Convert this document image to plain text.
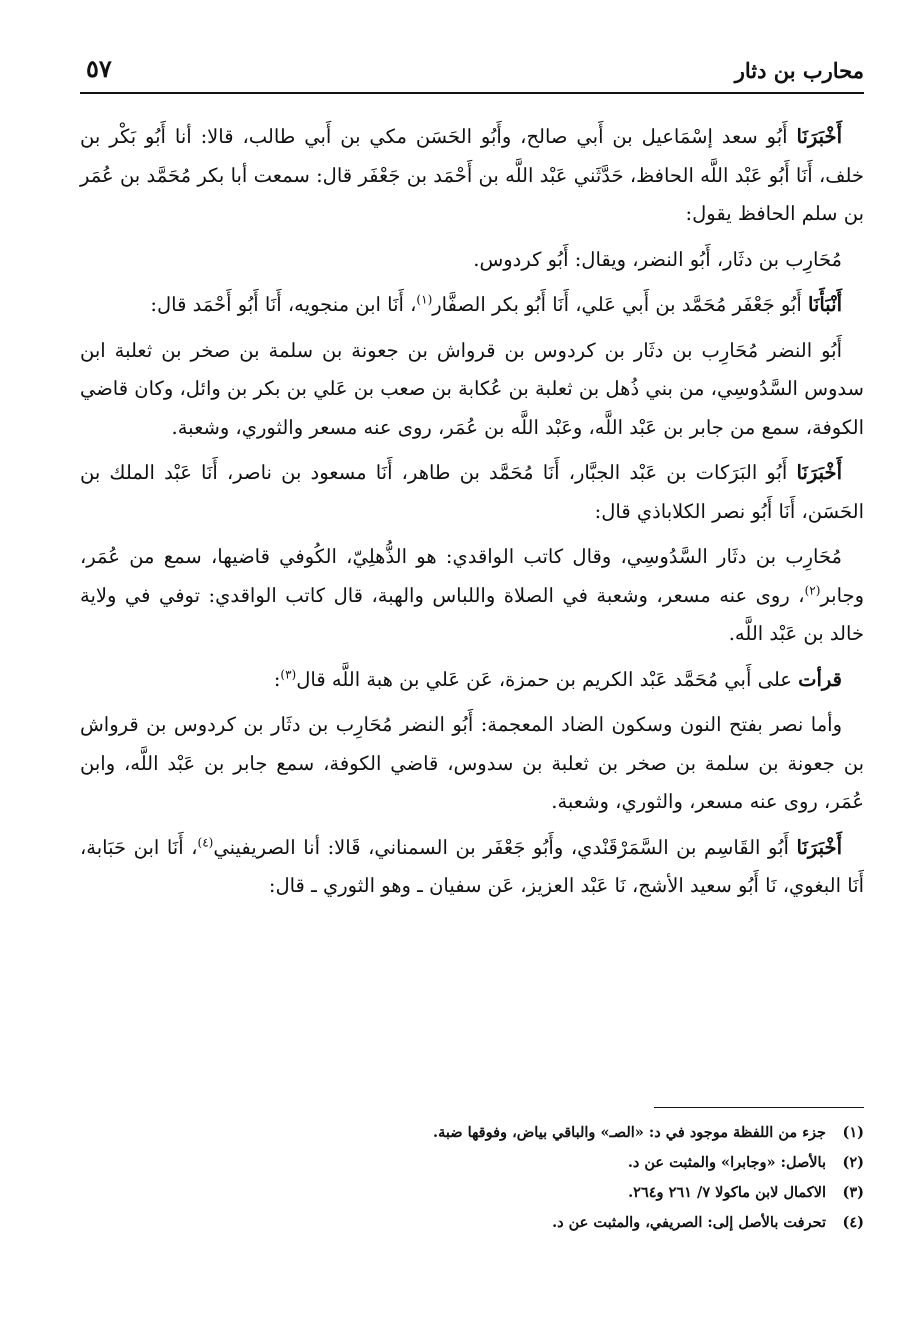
محارب بن دثار
٥٧

أَخْبَرَنَا أَبُو سعد إسْمَاعيل بن أَبي صالح، وأَبُو الحَسَن مكي بن أَبي طالب، قالا: أنا أَبُو بَكْر بن خلف، أَنَا أَبُو عَبْد اللَّه الحافظ، حَدَّثَني عَبْد اللَّه بن أَحْمَد بن جَعْفَر قال: سمعت أبا بكر مُحَمَّد بن عُمَر بن سلم الحافظ يقول:

مُحَارِب بن دثَار، أَبُو النضر، ويقال: أَبُو كردوس.

أَنْبَأَنَا أَبُو جَعْفَر مُحَمَّد بن أَبي عَلي، أَنَا أَبُو بكر الصفَّار$^{(١)}$، أَنَا ابن منجويه، أَنَا أَبُو أَحْمَد قال:

أَبُو النضر مُحَارِب بن دثَار بن كردوس بن قرواش بن جعونة بن سلمة بن صخر بن ثعلبة ابن سدوس السَّدُوسِي، من بني ذُهل بن ثعلبة بن عُكابة بن صعب بن عَلي بن بكر بن وائل، وكان قاضي الكوفة، سمع من جابر بن عَبْد اللَّه، وعَبْد اللَّه بن عُمَر، روى عنه مسعر والثوري، وشعبة.

أَخْبَرَنَا أَبُو البَرَكات بن عَبْد الجبَّار، أَنَا مُحَمَّد بن طاهر، أَنَا مسعود بن ناصر، أَنَا عَبْد الملك بن الحَسَن، أَنَا أَبُو نصر الكلاباذي قال:

مُحَارِب بن دثَار السَّدُوسِي، وقال كاتب الواقدي: هو الذُّهلِيّ، الكُوفي قاضيها، سمع من عُمَر، وجابر$^{(٢)}$، روى عنه مسعر، وشعبة في الصلاة واللباس والهبة، قال كاتب الواقدي: توفي في ولاية خالد بن عَبْد اللَّه.

قرأت على أَبي مُحَمَّد عَبْد الكريم بن حمزة، عَن عَلي بن هبة اللَّه قال$^{(٣)}$:

وأما نصر بفتح النون وسكون الضاد المعجمة: أَبُو النضر مُحَارِب بن دثَار بن كردوس بن قرواش بن جعونة بن سلمة بن صخر بن ثعلبة بن سدوس، قاضي الكوفة، سمع جابر بن عَبْد اللَّه، وابن عُمَر، روى عنه مسعر، والثوري، وشعبة.

أَخْبَرَنَا أَبُو القَاسِم بن السَّمَرْقَنْدي، وأَبُو جَعْفَر بن السمناني، قَالا: أنا الصريفيني$^{(٤)}$، أَنَا ابن حَبَابة، أَنَا البغوي، نَا أَبُو سعيد الأشج، نَا عَبْد العزيز، عَن سفيان ـ وهو الثوري ـ قال:

(١)جزء من اللفظة موجود في د: «الصـ» والباقي بياض، وفوقها ضبة.

(٢)بالأصل: «وجابرا» والمثبت عن د.

(٣)الاكمال لابن ماكولا ٧/ ٢٦١ و٢٦٤.

(٤)تحرفت بالأصل إلى: الصريفي، والمثبت عن د.
